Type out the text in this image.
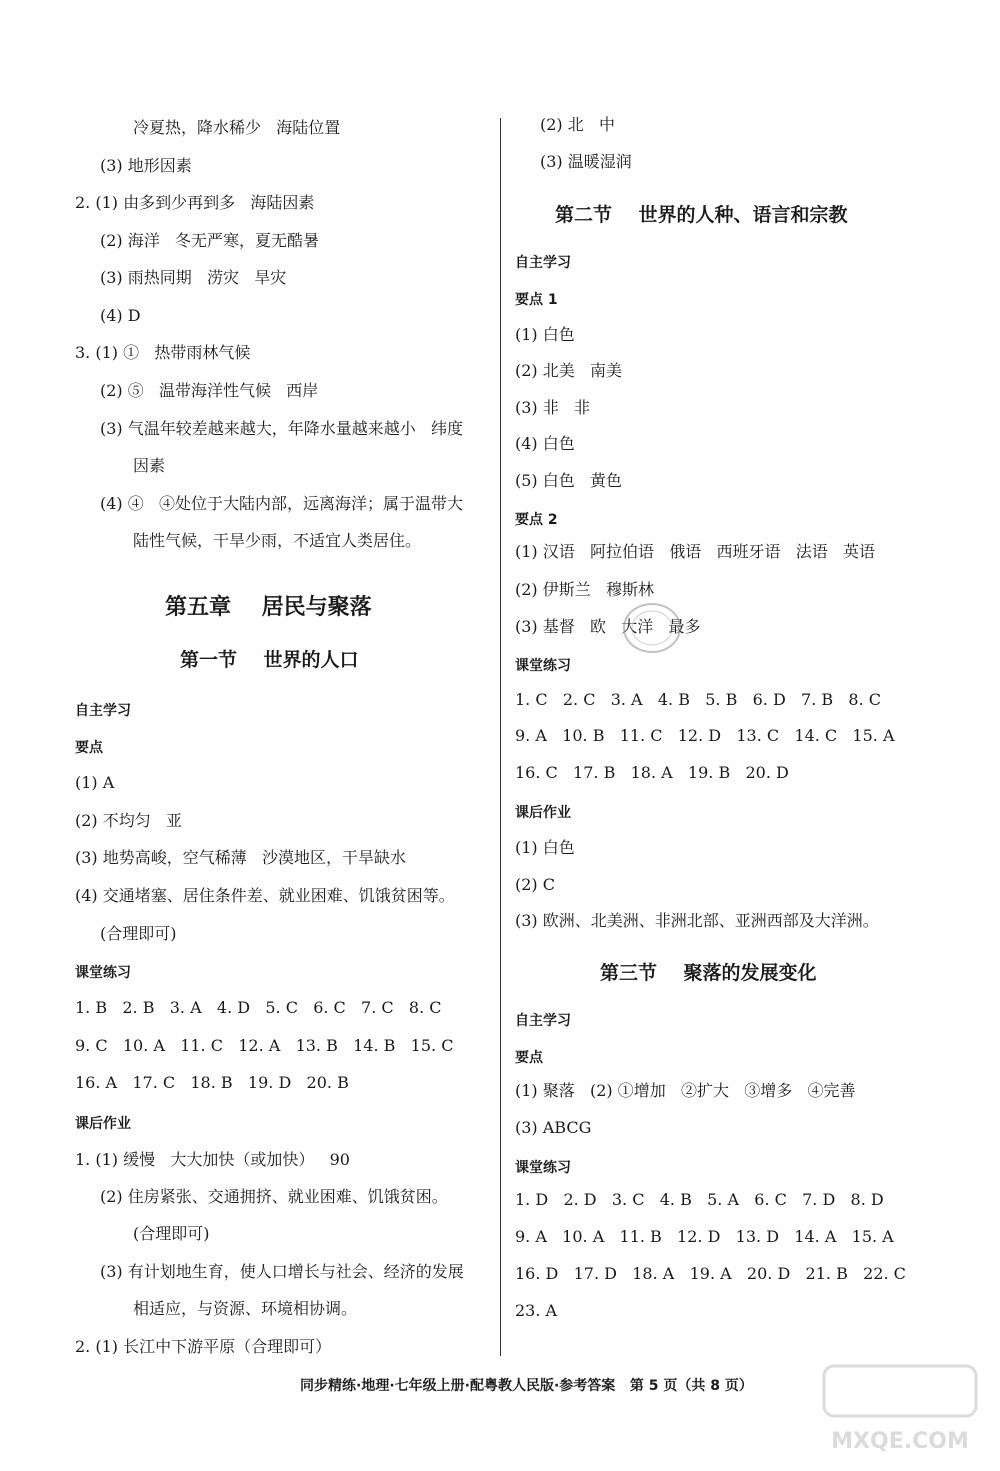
冷夏热，降水稀少   海陆位置
(3) 地形因素
2. (1) 由多到少再到多   海陆因素
(2) 海洋   冬无严寒，夏无酷暑
(3) 雨热同期   涝灾   旱灾
(4) D
3. (1) ①   热带雨林气候
(2) ⑤   温带海洋性气候   西岸
(3) 气温年较差越来越大，年降水量越来越小   纬度
因素
(4) ④   ④处位于大陆内部，远离海洋；属于温带大
陆性气候，干旱少雨，不适宜人类居住。
第五章    居民与聚落
第一节    世界的人口
自主学习
要点
(1) A
(2) 不均匀   亚
(3) 地势高峻，空气稀薄   沙漠地区，干旱缺水
(4) 交通堵塞、居住条件差、就业困难、饥饿贫困等。
(合理即可)
课堂练习
1. B   2. B   3. A   4. D   5. C   6. C   7. C   8. C
9. C   10. A   11. C   12. A   13. B   14. B   15. C
16. A   17. C   18. B   19. D   20. B
课后作业
1. (1) 缓慢   大大加快（或加快）   90
(2) 住房紧张、交通拥挤、就业困难、饥饿贫困。
(合理即可)
(3) 有计划地生育，使人口增长与社会、经济的发展
相适应，与资源、环境相协调。
2. (1) 长江中下游平原（合理即可）
(2) 北   中
(3) 温暖湿润
第二节    世界的人种、语言和宗教
自主学习
要点 1
(1) 白色
(2) 北美   南美
(3) 非   非
(4) 白色
(5) 白色   黄色
要点 2
(1) 汉语   阿拉伯语   俄语   西班牙语   法语   英语
(2) 伊斯兰   穆斯林
(3) 基督   欧   大洋   最多
课堂练习
1. C   2. C   3. A   4. B   5. B   6. D   7. B   8. C
9. A   10. B   11. C   12. D   13. C   14. C   15. A
16. C   17. B   18. A   19. B   20. D
课后作业
(1) 白色
(2) C
(3) 欧洲、北美洲、非洲北部、亚洲西部及大洋洲。
第三节    聚落的发展变化
自主学习
要点
(1) 聚落   (2) ①增加   ②扩大   ③增多   ④完善
(3) ABCG
课堂练习
1. D   2. D   3. C   4. B   5. A   6. C   7. D   8. D
9. A   10. A   11. B   12. D   13. D   14. A   15. A
16. D   17. D   18. A   19. A   20. D   21. B   22. C
23. A
同步精练·地理·七年级上册·配粤教人民版·参考答案   第 5 页（共 8 页）
MXQE.COM
